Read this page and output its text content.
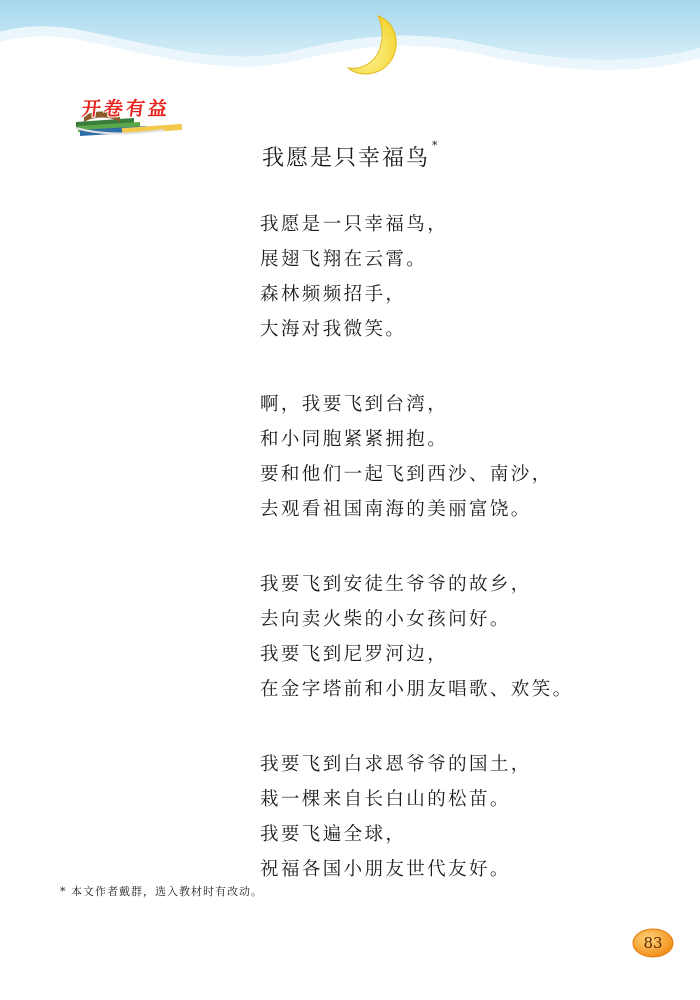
开卷有益
我愿是只幸福鸟*
我愿是一只幸福鸟，
展翅飞翔在云霄。
森林频频招手，
大海对我微笑。
啊，我要飞到台湾，
和小同胞紧紧拥抱。
要和他们一起飞到西沙、南沙，
去观看祖国南海的美丽富饶。
我要飞到安徒生爷爷的故乡，
去向卖火柴的小女孩问好。
我要飞到尼罗河边，
在金字塔前和小朋友唱歌、欢笑。
我要飞到白求恩爷爷的国土，
栽一棵来自长白山的松苗。
我要飞遍全球，
祝福各国小朋友世代友好。
* 本文作者戴群，选入教材时有改动。
83
